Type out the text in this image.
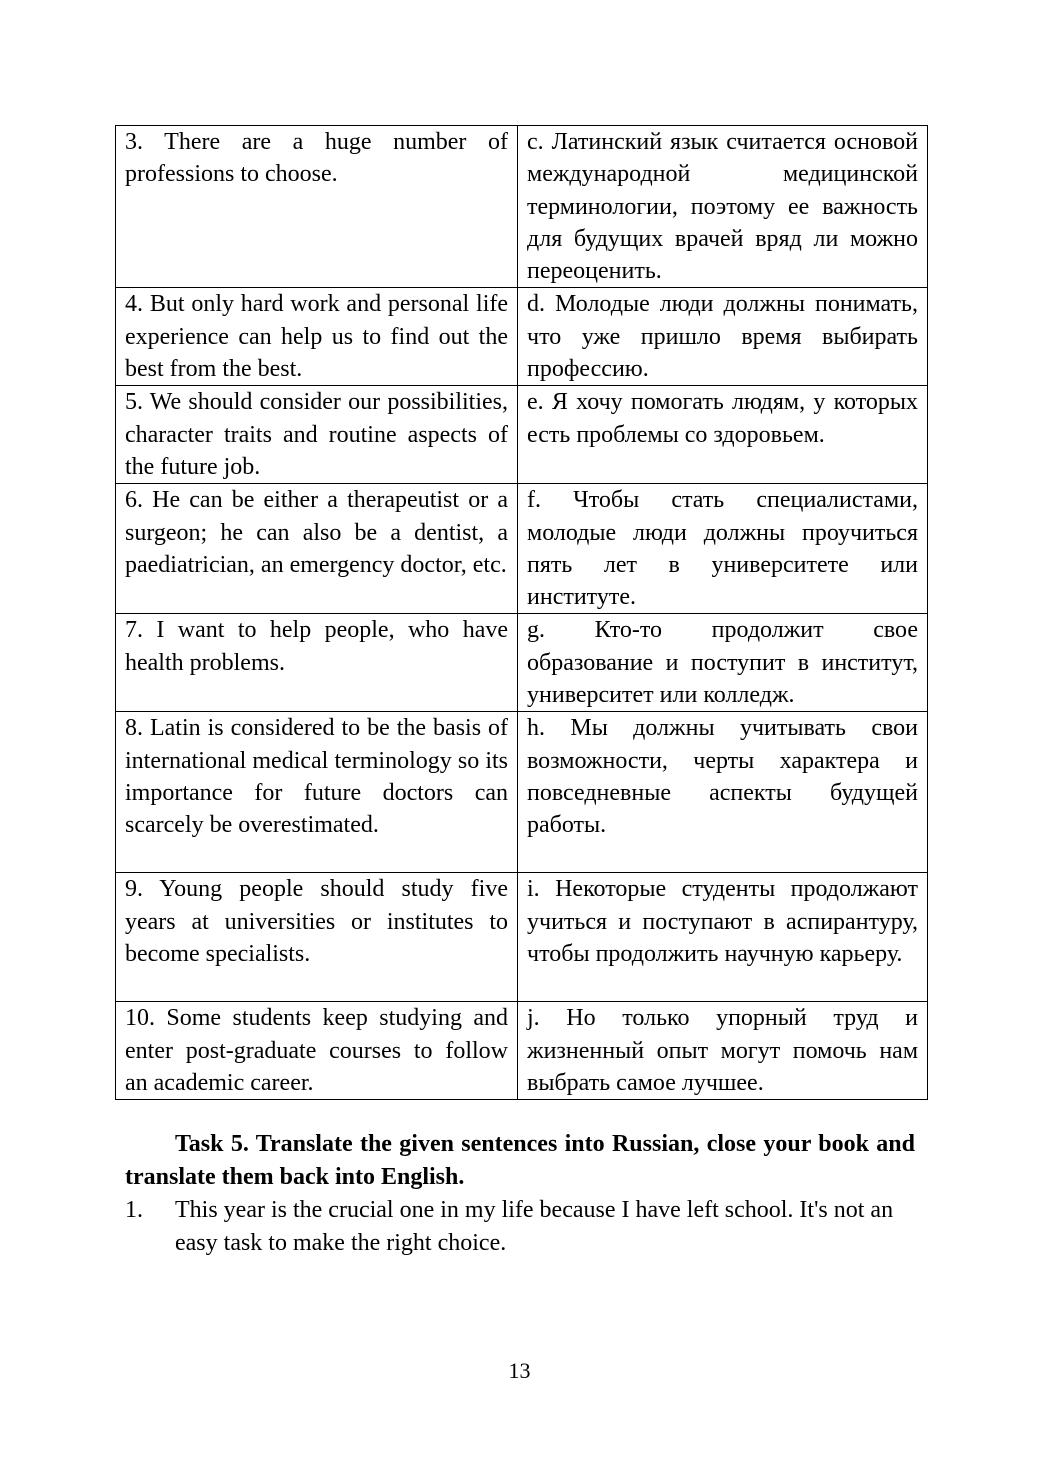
3. There are a huge number of professions to choose.	c. Латинский язык считается основой международной медицинской терминологии, поэтому ее важность для будущих врачей вряд ли можно переоценить.
4. But only hard work and personal life experience can help us to find out the best from the best.	d. Молодые люди должны понимать, что уже пришло время выбирать профессию.
5. We should consider our possibilities, character traits and routine aspects of the future job.	e. Я хочу помогать людям, у которых есть проблемы со здоровьем.
6. He can be either a therapeutist or a surgeon; he can also be a dentist, a paediatrician, an emergency doctor, etc.	f. Чтобы стать специалистами, молодые люди должны проучиться пять лет в университете или институте.
7. I want to help people, who have health problems.	g. Кто-то продолжит свое образование и поступит в институт, университет или колледж.
8. Latin is considered to be the basis of international medical terminology so its importance for future doctors can scarcely be overestimated.	h. Мы должны учитывать свои возможности, черты характера и повседневные аспекты будущей работы.
9. Young people should study five years at universities or institutes to become specialists.	i. Некоторые студенты продолжают учиться и поступают в аспирантуру, чтобы продолжить научную карьеру.
10. Some students keep studying and enter post-graduate courses to follow an academic career.	j. Но только упорный труд и жизненный опыт могут помочь нам выбрать самое лучшее.

Task 5. Translate the given sentences into Russian, close your book and translate them back into English.

1. This year is the crucial one in my life because I have left school. It's not an easy task to make the right choice.
13
